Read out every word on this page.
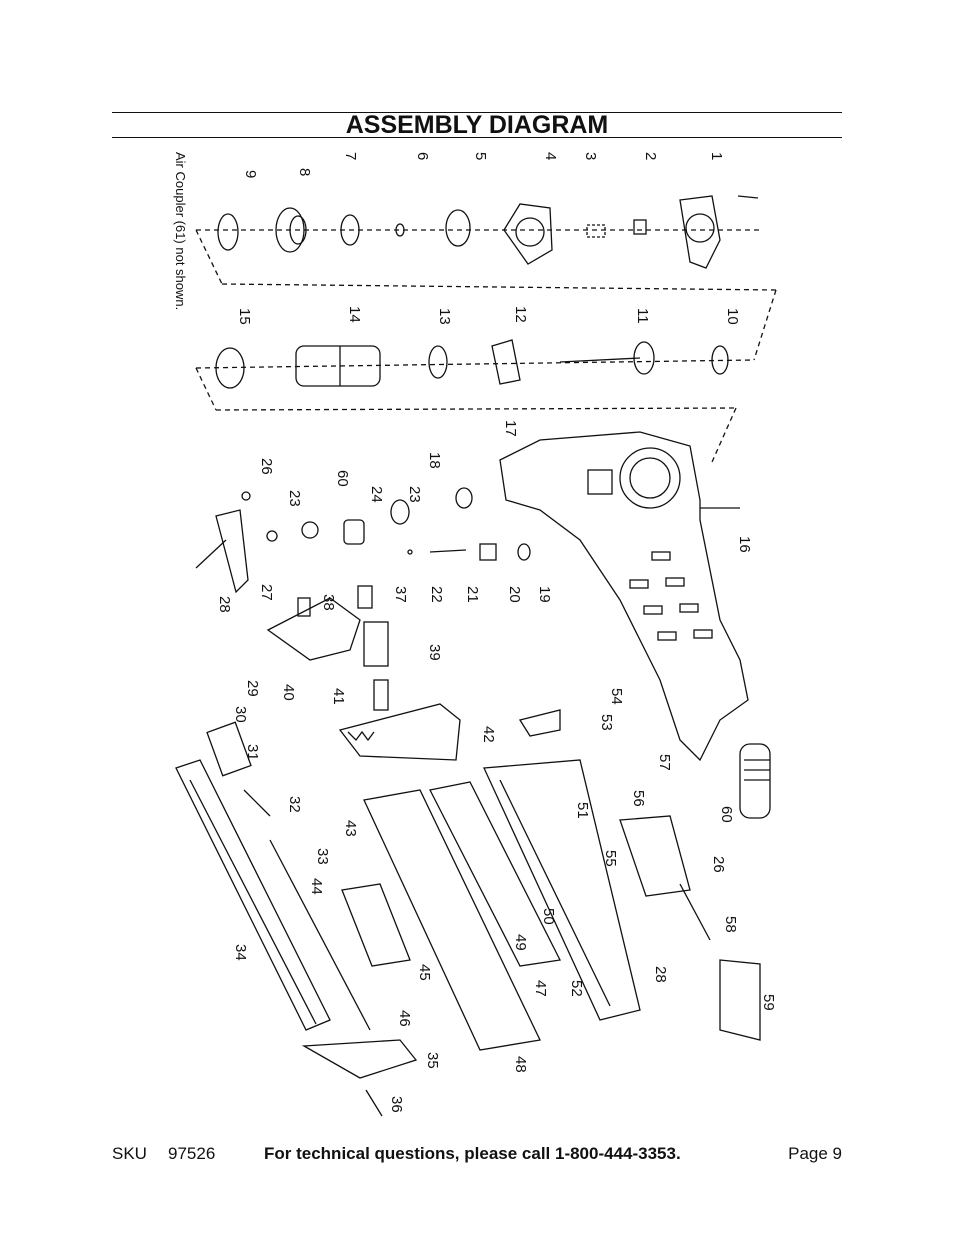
ASSEMBLY DIAGRAM
Air Coupler (61) not shown.	1
2
3
4
5
6
7
8
9
10
11
12
13
14
15
16
17
18
19
20
21
22
23
23	24
26
26
27
28
28
29
30
31
32
33
34
35
36
37
38
39
40 41
42
43
44
45
46
47
48
49
50
51
52
53
54
55
56
57
58
59
60
60
SKU 97526	For technical questions, please call 1-800-444-3353.	Page 9
